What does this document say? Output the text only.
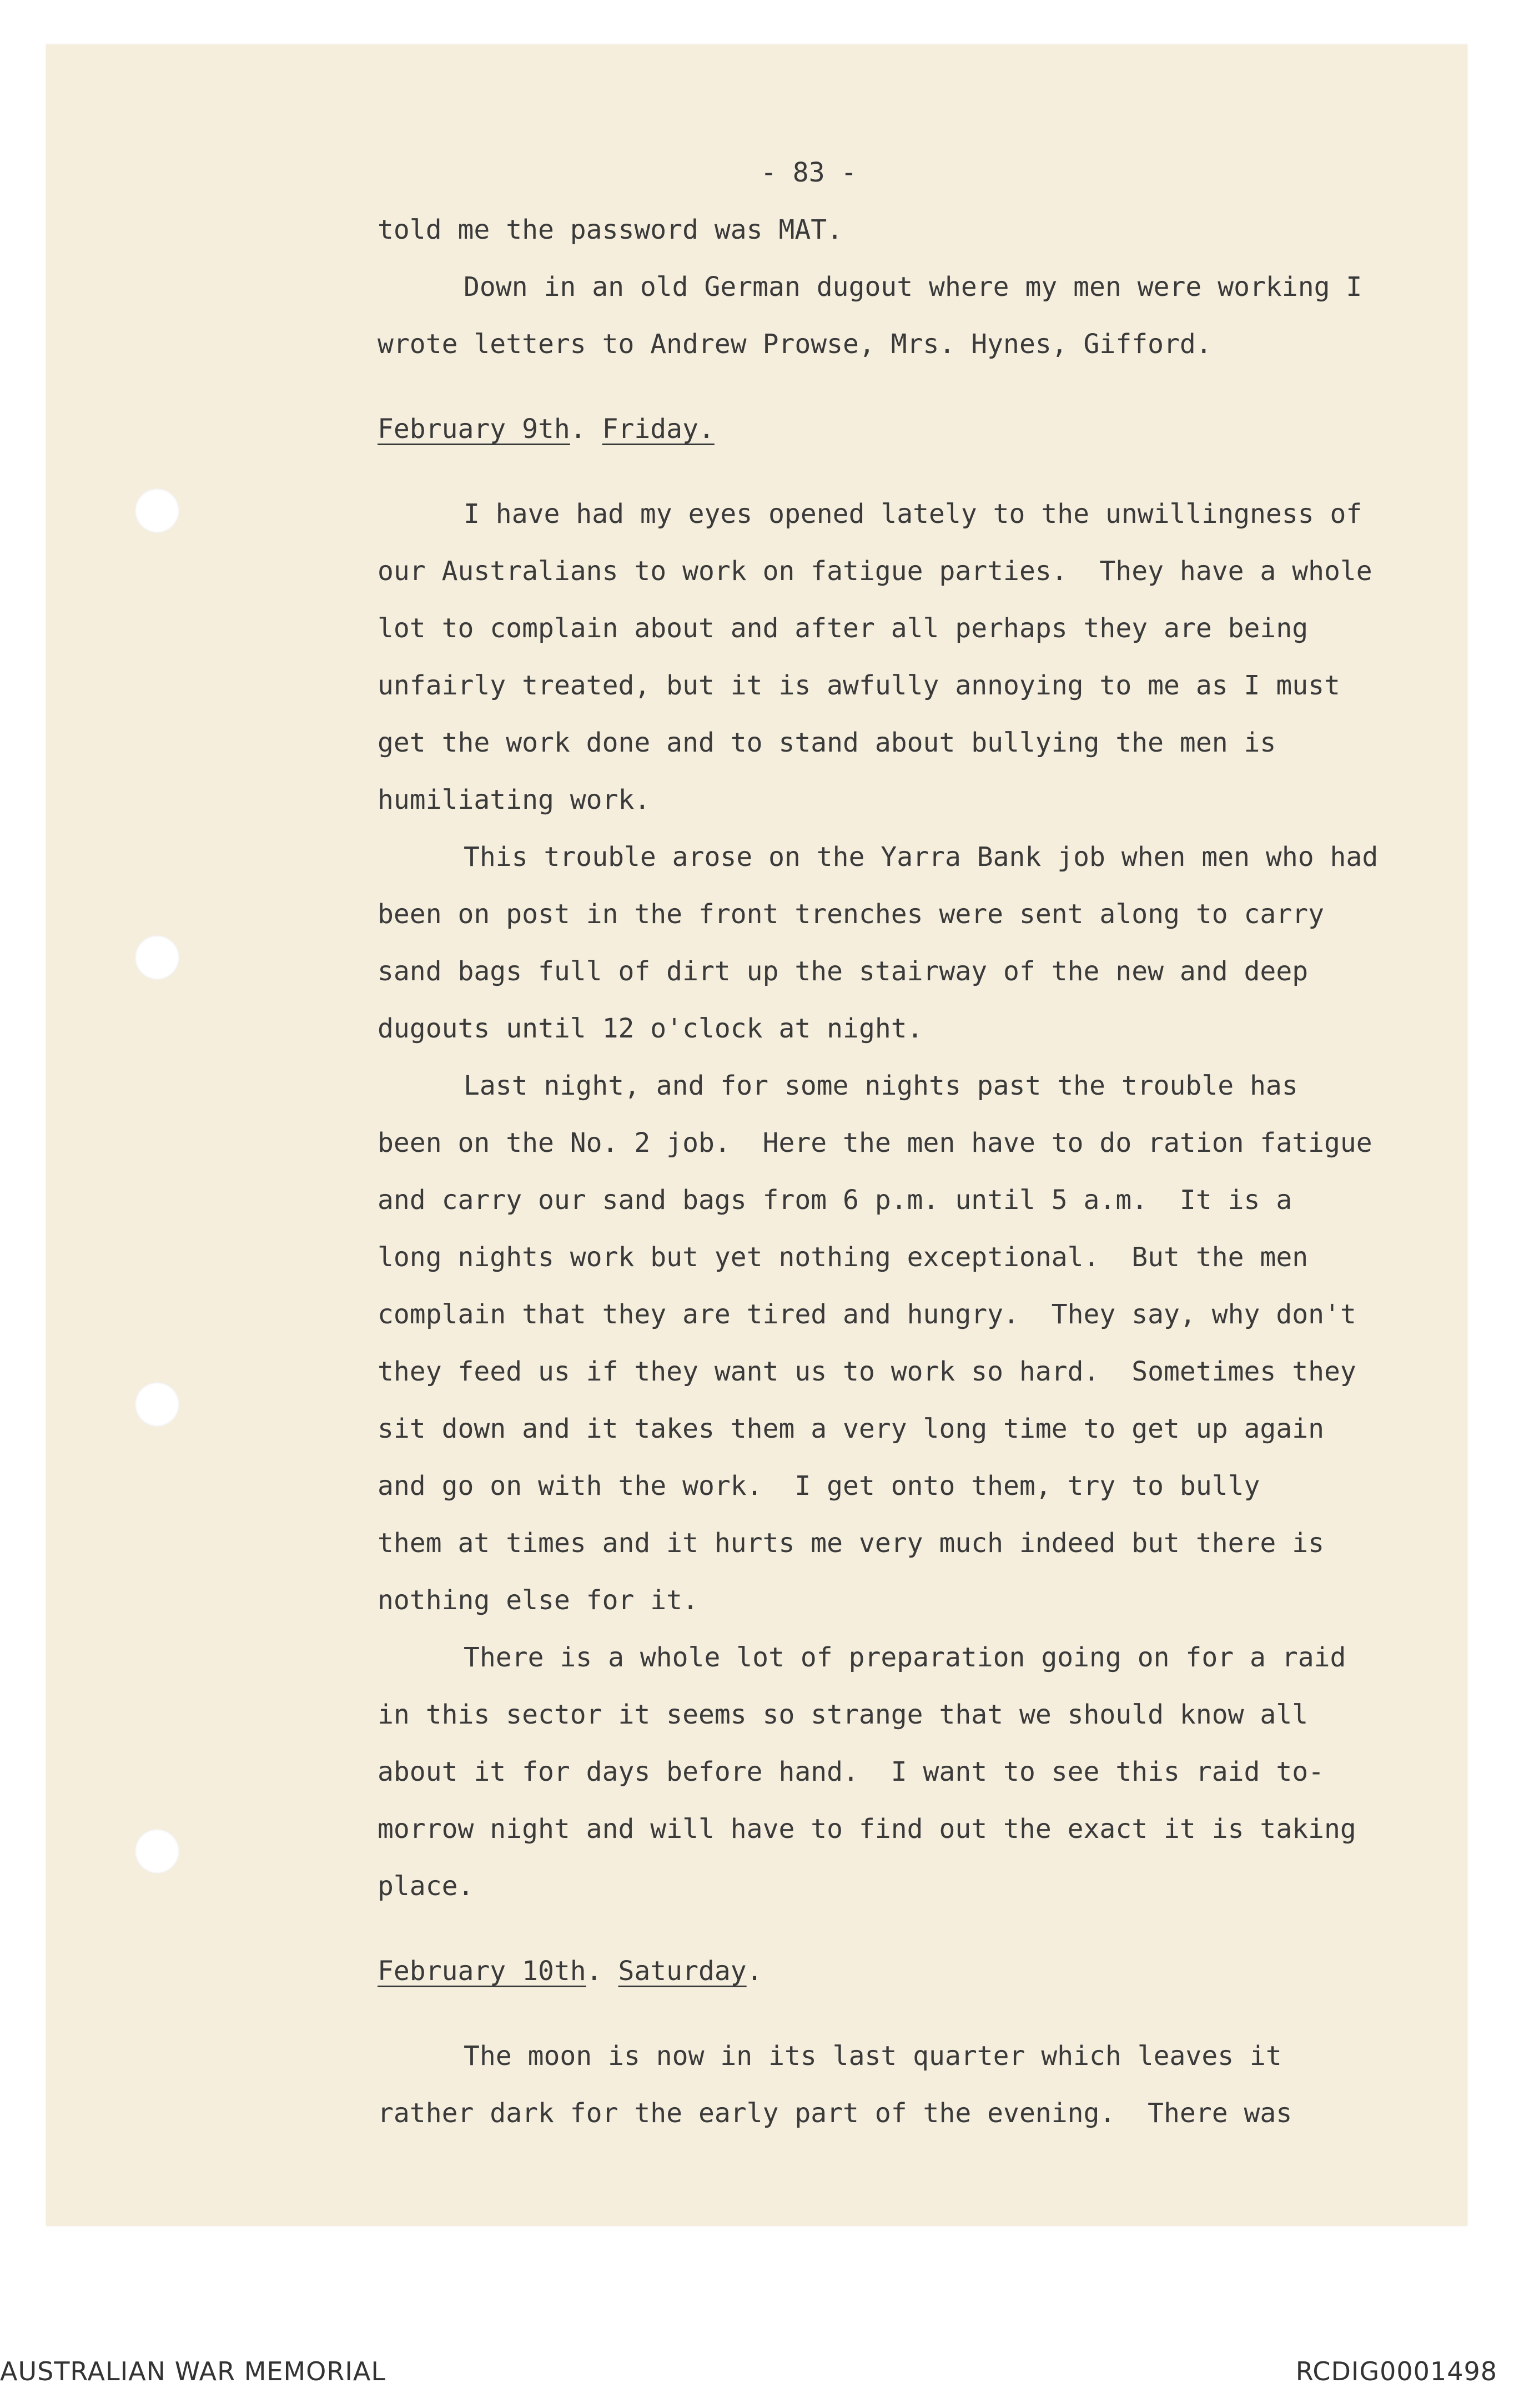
- 83 -
told me the password was MAT.
Down in an old German dugout where my men were working I
wrote letters to Andrew Prowse, Mrs. Hynes, Gifford.
February 9th. Friday.
I have had my eyes opened lately to the unwillingness of
our Australians to work on fatigue parties.  They have a whole
lot to complain about and after all perhaps they are being
unfairly treated, but it is awfully annoying to me as I must
get the work done and to stand about bullying the men is
humiliating work.
This trouble arose on the Yarra Bank job when men who had
been on post in the front trenches were sent along to carry
sand bags full of dirt up the stairway of the new and deep
dugouts until 12 o'clock at night.
Last night, and for some nights past the trouble has
been on the No. 2 job.  Here the men have to do ration fatigue
and carry our sand bags from 6 p.m. until 5 a.m.  It is a
long nights work but yet nothing exceptional.  But the men
complain that they are tired and hungry.  They say, why don't
they feed us if they want us to work so hard.  Sometimes they
sit down and it takes them a very long time to get up again
and go on with the work.  I get onto them, try to bully
them at times and it hurts me very much indeed but there is
nothing else for it.
There is a whole lot of preparation going on for a raid
in this sector it seems so strange that we should know all
about it for days before hand.  I want to see this raid to-
morrow night and will have to find out the exact it is taking
place.
February 10th. Saturday.
The moon is now in its last quarter which leaves it
rather dark for the early part of the evening.  There was
AUSTRALIAN WAR MEMORIAL	RCDIG0001498
